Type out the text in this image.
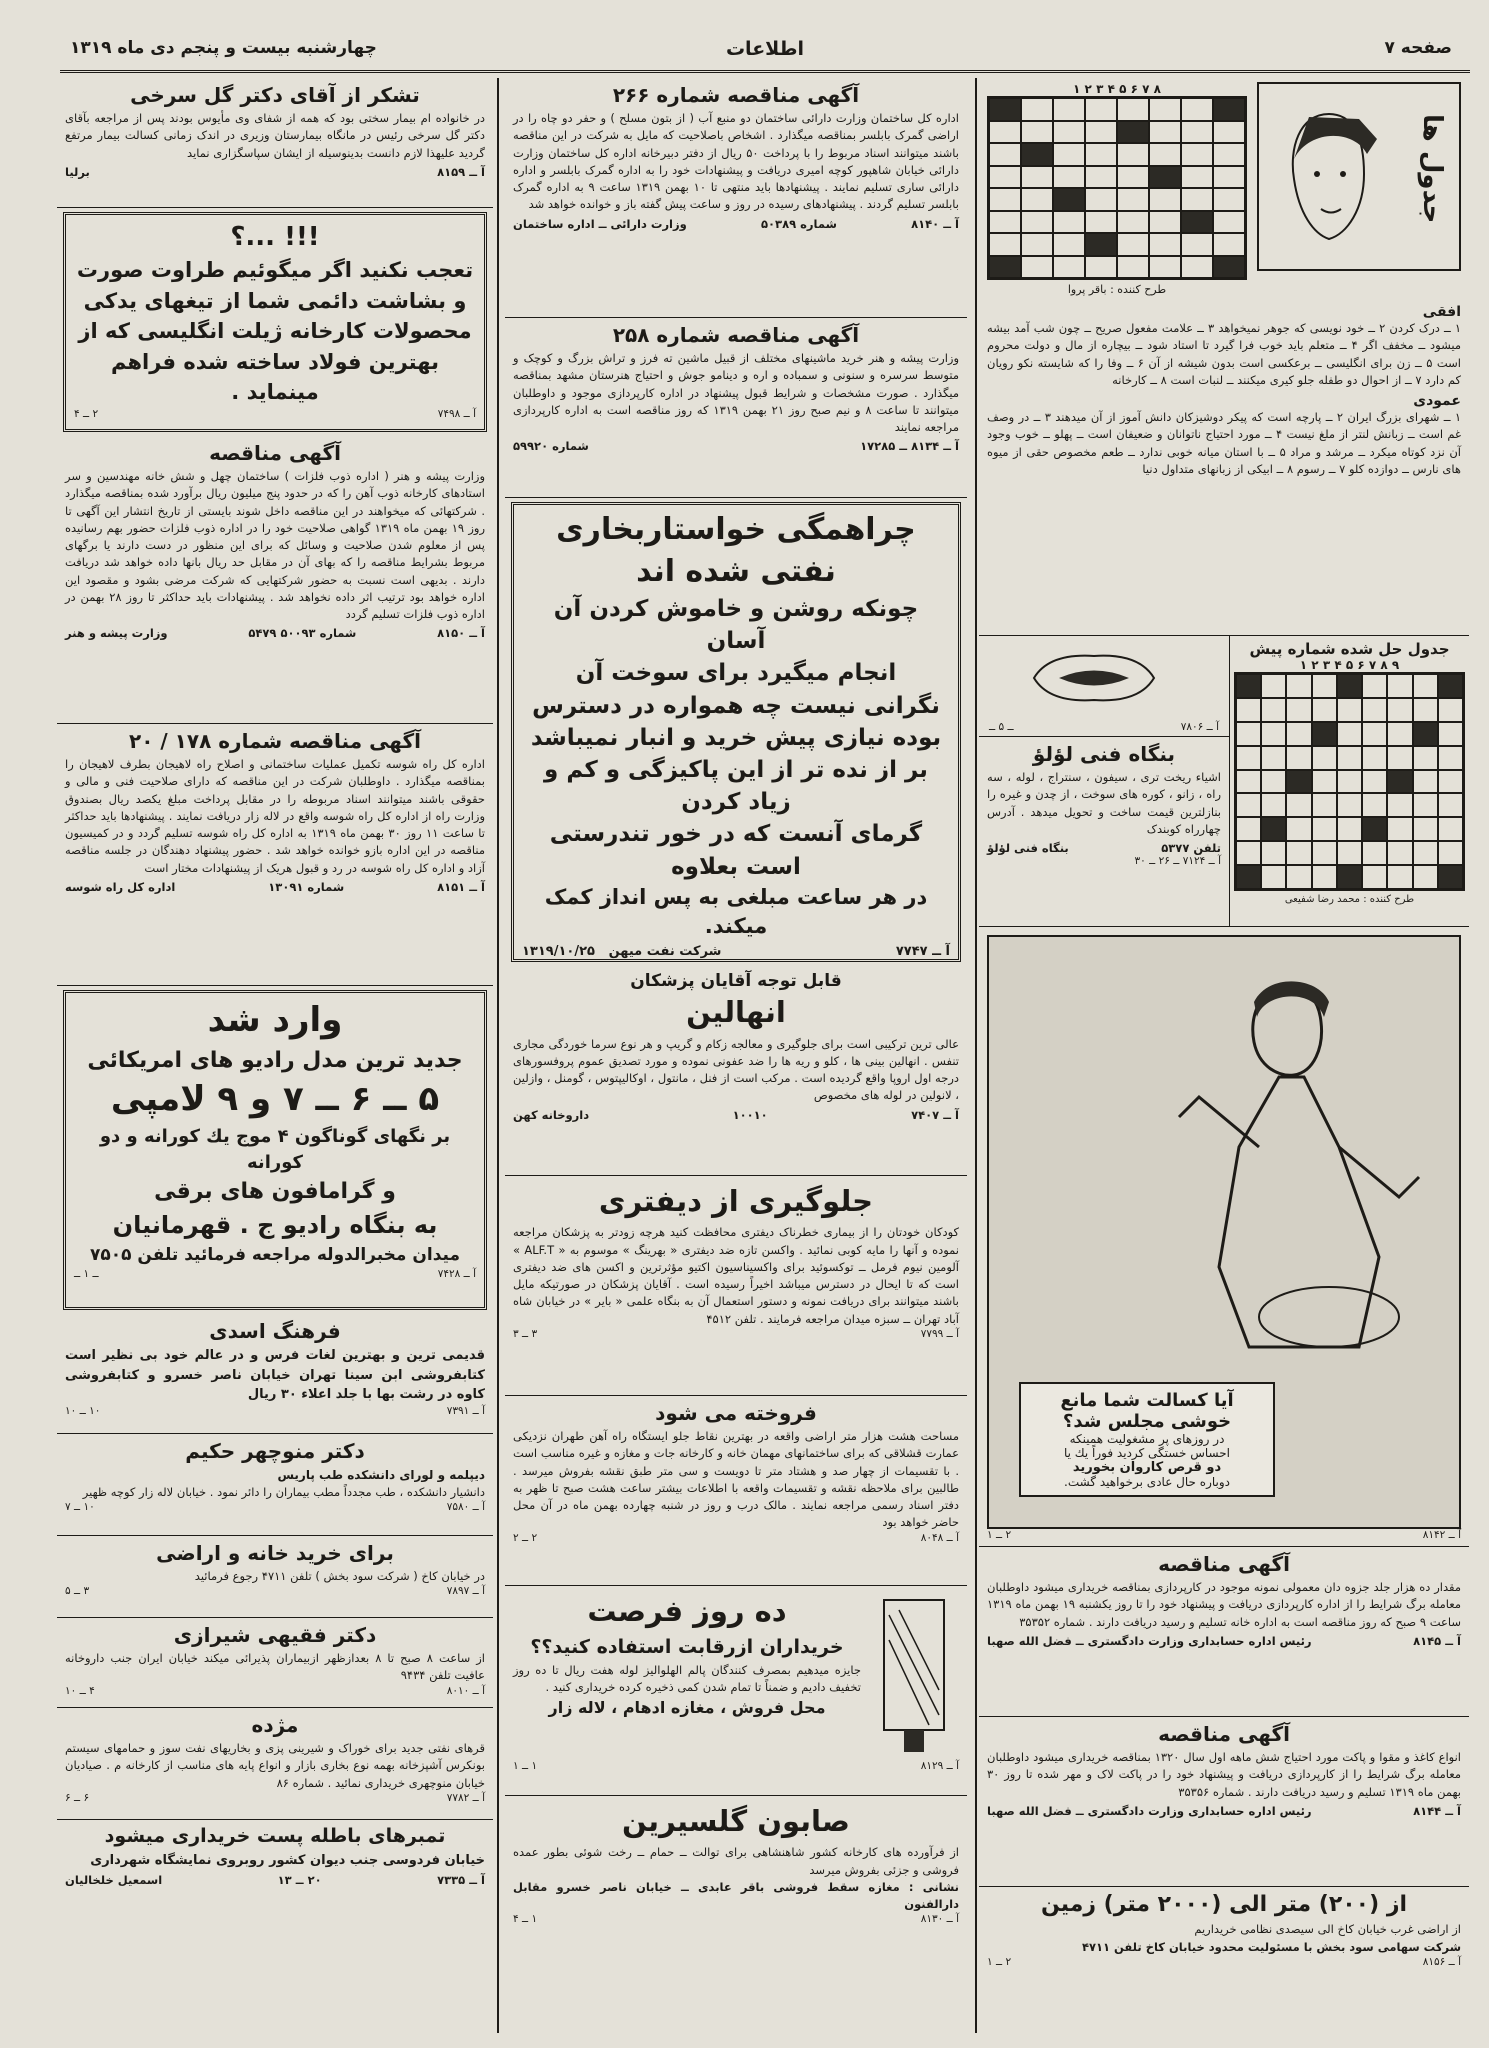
صفحه ۷
اطلاعات
چهارشنبه بیست و پنجم دی ماه ۱۳۱۹
جدول ها
۸ ۷ ۶ ۵ ۴ ۳ ۲ ۱
طرح کننده : باقر پروا
افقی

۱ ــ درک کردن ۲ ــ خود نویسی که جوهر نمیخواهد ۳ ــ علامت مفعول صریح ــ چون شب آمد بیشه میشود ــ مخفف اگر ۴ ــ متعلم باید خوب فرا گیرد تا استاد شود ــ بیچاره از مال و دولت محروم است ۵ ــ زن برای انگلیسی ــ برعکسی است بدون شیشه از آن ۶ ــ وفا را که شایسته نکو رویان کم دارد ۷ ــ از احوال دو طفله جلو کیری میکنند ــ لنبات است ۸ ــ کارخانه

عمودی

۱ ــ شهرای بزرگ ایران ۲ ــ پارچه است که پیکر دوشیزکان دانش آموز از آن میدهند ۳ ــ در وصف غم است ــ زبانش لنتر از ملغ نیست ۴ ــ مورد احتیاج ناتوانان و ضعیفان است ــ پهلو ــ خوب وجود آن نزد کوتاه میکرد ــ مرشد و مراد ۵ ــ با استان میانه خوبی ندارد ــ طعم مخصوص حقی از میوه های نارس ــ دوازده کلو ۷ ــ رسوم ۸ ــ ابیکی از زبانهای متداول دنیا

جدول حل شده شماره پیش
۹ ۸ ۷ ۶ ۵ ۴ ۳ ۲ ۱
طرح کننده : محمد رضا شفیعی
آ ــ ۷۸۰۶
ــ ۵ ــ
بنگاه فنی لؤلؤ

اشیاء ریخت تری ، سیفون ، سنتراج ، لوله ، سه راه ، زانو ، کوره های سوخت ، از چدن و غیره را بنازلترین قیمت ساخت و تحویل میدهد . آدرس چهارراه کوبندک

تلفن ۵۳۷۷
بنگاه فنی لؤلؤ
آ ــ ۷۱۲۴ ــ ۲۶ ــ ۳۰
آیا کسالت شما مانع
خوشی مجلس شد؟
در روزهای پر مشغولیت همینکه
احساس خستگی کردید فوراً یك یا
دو قرص کاروان بخورید
دوباره حال عادی برخواهید گشت.
آ ــ ۸۱۴۲
۲ ــ ۱
آگهی مناقصه

مقدار ده هزار جلد جزوه دان معمولی نمونه موجود در کارپردازی بمناقصه خریداری میشود داوطلبان معامله برگ شرایط را از اداره کارپردازی دریافت و پیشنهاد خود را تا روز یکشنبه ۱۹ بهمن ماه ۱۳۱۹ ساعت ۹ صبح که روز مناقصه است به اداره خانه تسلیم و رسید دریافت دارند . شماره ۳۵۳۵۲

آ ــ ۸۱۴۵
رئیس اداره حسابداری وزارت دادگستری ــ فضل الله صهبا
آگهی مناقصه

انواع کاغذ و مقوا و پاکت مورد احتیاج شش ماهه اول سال ۱۳۲۰ بمناقصه خریداری میشود داوطلبان معامله برگ شرایط را از کارپردازی دریافت و پیشنهاد خود را در پاکت لاک و مهر شده تا روز ۳۰ بهمن ماه ۱۳۱۹ تسلیم و رسید دریافت دارند . شماره ۳۵۳۵۶

آ ــ ۸۱۴۴
رئیس اداره حسابداری وزارت دادگستری ــ فضل الله صهبا
از (۲۰۰) متر الی (۲۰۰۰ متر) زمین

از اراضی غرب خیابان کاخ الی سیصدی نظامی خریداریم

شرکت سهامی سود بخش با مسئولیت محدود خیابان کاخ تلفن ۴۷۱۱

آ ــ ۸۱۵۶
۲ ــ ۱
آگهی مناقصه شماره ۲۶۶

اداره کل ساختمان وزارت دارائی ساختمان دو منبع آب ( از بتون مسلح ) و حفر دو چاه را در اراضی گمرک بابلسر بمناقصه میگذارد . اشخاص باصلاحیت که مایل به شرکت در این مناقصه باشند میتوانند اسناد مربوط را با پرداخت ۵۰ ریال از دفتر دبیرخانه اداره کل ساختمان وزارت دارائی خیابان شاهپور کوچه امیری دریافت و پیشنهادات خود را به اداره گمرک بابلسر و اداره دارائی ساری تسلیم نمایند . پیشنهادها باید منتهی تا ۱۰ بهمن ۱۳۱۹ ساعت ۹ به اداره گمرک بابلسر تسلیم گردند . پیشنهادهای رسیده در روز و ساعت پیش گفته باز و خوانده خواهد شد

آ ــ ۸۱۴۰
شماره ۵۰۳۸۹
وزارت دارائی ــ اداره ساختمان
آگهی مناقصه شماره ۲۵۸

وزارت پیشه و هنر خرید ماشینهای مختلف از قبیل ماشین ته فرز و تراش بزرگ و کوچک و متوسط سرسره و سنونی و سمباده و اره و دینامو جوش و احتیاج هنرستان مشهد بمناقصه میگذارد . صورت مشخصات و شرایط قبول پیشنهاد در اداره کارپردازی موجود و داوطلبان میتوانند تا ساعت ۸ و نیم صبح روز ۲۱ بهمن ۱۳۱۹ که روز مناقصه است به اداره کارپردازی مراجعه نمایند

آ ــ ۸۱۳۴ ــ ۱۷۲۸۵
شماره ۵۹۹۲۰
چراهمگی خواستاربخاری
نفتی شده اند
چونکه روشن و خاموش کردن آن آسان
انجام میگیرد برای سوخت آن
نگرانی نیست چه همواره در دسترس
بوده نیازی پیش خرید و انبار نمیباشد
بر از نده تر از این پاکیزگی و کم و زیاد کردن
گرمای آنست که در خور تندرستی است بعلاوه
در هر ساعت مبلغی به پس انداز کمک میکند.
آ ــ ۷۷۴۷
شرکت نفت میهن   ۱۳۱۹/۱۰/۲۵
قابل توجه آقایان پزشکان
انهالین

عالی ترین ترکیبی است برای جلوگیری و معالجه زکام و گریپ و هر نوع سرما خوردگی مجاری تنفس . انهالین بینی ها ، کلو و ریه ها را ضد عفونی نموده و مورد تصدیق عموم پروفسورهای درجه اول اروپا واقع گردیده است . مرکب است از فنل ، مانتول ، اوکالیپتوس ، گومنل ، وازلین ، لانولین در لوله های مخصوص

آ ــ ۷۴۰۷
۱۰۰۱۰
داروخانه کهن
جلوگیری از دیفتری

کودکان خودتان را از بیماری خطرناک دیفتری محافظت کنید هرچه زودتر به پزشکان مراجعه نموده و آنها را مایه کوبی نمائید . واکسن تازه ضد دیفتری « بهرینگ » موسوم به « ALF.T » آلومین نیوم فرمل ــ توکسوئید برای واکسیناسیون اکتیو مؤثرترین و اکسن های ضد دیفتری است که تا ایحال در دسترس میباشد اخیراً رسیده است . آقایان پزشکان در صورتیکه مایل باشند میتوانند برای دریافت نمونه و دستور استعمال آن به بنگاه علمی « بایر » در خیابان شاه آباد تهران ــ سبزه میدان مراجعه فرمایند . تلفن ۴۵۱۲

آ ــ ۷۷۹۹
۳ ــ ۳
فروخته می شود

مساحت هشت هزار متر اراضی واقعه در بهترین نقاط جلو ایستگاه راه آهن طهران نزدیکی عمارت قشلاقی که برای ساختمانهای مهمان خانه و کارخانه جات و مغازه و غیره مناسب است . با تقسیمات از چهار صد و هشتاد متر تا دویست و سی متر طبق نقشه بفروش میرسد . طالبین برای ملاحظه نقشه و تقسیمات واقعه با اطلاعات بیشتر ساعت هشت صبح تا ظهر به دفتر اسناد رسمی مراجعه نمایند . مالک درب و روز در شنبه چهارده بهمن ماه در آن محل حاضر خواهد بود

آ ــ ۸۰۴۸
۲ ــ ۲
ده روز فرصت
خریداران ازرقابت استفاده کنید؟؟

جایزه میدهیم بمصرف کنندگان پالم الهلوالیز لوله هفت ریال تا ده روز تخفیف دادیم و ضمناً تا تمام شدن کمی ذخیره کرده خریداری کنید .

محل فروش ، مغازه ادهام ، لاله زار
آ ــ ۸۱۲۹
۱ ــ ۱
صابون گلسیرین

از فرآورده های کارخانه کشور شاهنشاهی برای توالت ــ حمام ــ رخت شوئی بطور عمده فروشی و جزئی بفروش میرسد

نشانی : مغازه سقط فروشی باقر عابدی ــ خیابان ناصر خسرو مقابل دارالفنون

آ ــ ۸۱۳۰
۱ ــ ۴
تشکر از آقای دکتر گل سرخی

در خانواده ام بیمار سختی بود که همه از شفای وی مأیوس بودند پس از مراجعه بآقای دکتر گل سرخی رئیس در مانگاه بیمارستان وزیری در اندک زمانی کسالت بیمار مرتفع گردید علیهذا لازم دانست بدینوسیله از ایشان سپاسگزاری نماید

آ ــ ۸۱۵۹
برلیا
!!! ...؟
تعجب نکنید اگر میگوئیم طراوت صورت و بشاشت دائمی شما از تیغهای یدکی محصولات کارخانه ژیلت انگلیسی که از بهترین فولاد ساخته شده فراهم مینماید .
آ ــ ۷۴۹۸
۲ ــ ۴
آگهی مناقصه

وزارت پیشه و هنر ( اداره ذوب فلزات ) ساختمان چهل و شش خانه مهندسین و سر استادهای کارخانه ذوب آهن را که در حدود پنج میلیون ریال برآورد شده بمناقصه میگذارد . شرکتهائی که میخواهند در این مناقصه داخل شوند بایستی از تاریخ انتشار این آگهی تا روز ۱۹ بهمن ماه ۱۳۱۹ گواهی صلاحیت خود را در اداره ذوب فلزات حضور بهم رسانیده پس از معلوم شدن صلاحیت و وسائل که برای این منظور در دست دارند یا برگهای مربوط بشرایط مناقصه را که بهای آن در مقابل حد ریال بانها داده خواهد شد دریافت دارند . بدیهی است نسبت به حضور شرکتهایی که شرکت مرضی بشود و مقصود این اداره خواهد بود ترتیب اثر داده نخواهد شد . پیشنهادات باید حداکثر تا روز ۲۸ بهمن در اداره ذوب فلزات تسلیم گردد

آ ــ ۸۱۵۰
شماره ۵۰۰۹۳ ۵۴۷۹
وزارت پیشه و هنر
آگهی مناقصه شماره ۱۷۸ / ۲۰

اداره کل راه شوسه تکمیل عملیات ساختمانی و اصلاح راه لاهیجان بطرف لاهیجان را بمناقصه میگذارد . داوطلبان شرکت در این مناقصه که دارای صلاحیت فنی و مالی و حقوقی باشند میتوانند اسناد مربوطه را در مقابل پرداخت مبلغ یکصد ریال بصندوق وزارت راه از اداره کل راه شوسه واقع در لاله زار دریافت نمایند . پیشنهادها باید حداکثر تا ساعت ۱۱ روز ۳۰ بهمن ماه ۱۳۱۹ به اداره کل راه شوسه تسلیم گردد و در کمیسیون مناقصه در این اداره بازو خوانده خواهد شد . حضور پیشنهاد دهندگان در جلسه مناقصه آزاد و اداره کل راه شوسه در رد و قبول هریک از پیشنهادات مختار است

آ ــ ۸۱۵۱
شماره ۱۳۰۹۱
اداره کل راه شوسه
وارد شد
جدید ترین مدل رادیو های امریکائی
۵ ــ ۶ ــ ۷ و ۹ لامپی
بر نگهای گوناگون ۴ موج یك کورانه و دو کورانه
و گرامافون های برقی
به بنگاه رادیو ج . قهرمانیان
میدان مخبرالدوله مراجعه فرمائید تلفن ۷۵۰۵
آ ــ ۷۴۲۸
ــ ۱ ــ
فرهنگ اسدی

قدیمی ترین و بهترین لغات فرس و در عالم خود بی نظیر است کتابفروشی ابن سینا تهران خیابان ناصر خسرو و کتابفروشی کاوه در رشت بها با جلد اعلاء ۳۰ ریال

آ ــ ۷۳۹۱
۱۰ ــ ۱۰
دکتر منوچهر حکیم

دیپلمه و لورای دانشکده طب پاریس

دانشیار دانشکده ، طب مجدداً مطب بیماران را دائر نمود . خیابان لاله زار کوچه ظهیر

آ ــ ۷۵۸۰
۱۰ ــ ۷
برای خرید خانه و اراضی

در خیابان کاخ ( شرکت سود بخش ) تلفن ۴۷۱۱ رجوع فرمائید

آ ــ ۷۸۹۷
۳ ــ ۵
دکتر فقیهی شیرازی

از ساعت ۸ صبح تا ۸ بعدازظهر ازبیماران پذیرائی میکند خیابان ایران جنب داروخانه عافیت تلفن ۹۴۳۴

آ ــ ۸۰۱۰
۴ ــ ۱۰
مژده

قرهای نفتی جدید برای خوراک و شیرینی پزی و بخاریهای نفت سوز و حمامهای سیستم بونکرس آشپزخانه بهمه نوع بخاری بازار و انواع پایه های مناسب از کارخانه م . صیادیان خیابان منوچهری خریداری نمائید . شماره ۸۶

آ ــ ۷۷۸۲
۶ ــ ۶
تمبرهای باطله پست خریداری میشود

خیابان فردوسی جنب دیوان کشور روبروی نمایشگاه شهرداری

آ ــ ۷۳۳۵
۲۰ ــ ۱۳
اسمعیل خلخالیان
